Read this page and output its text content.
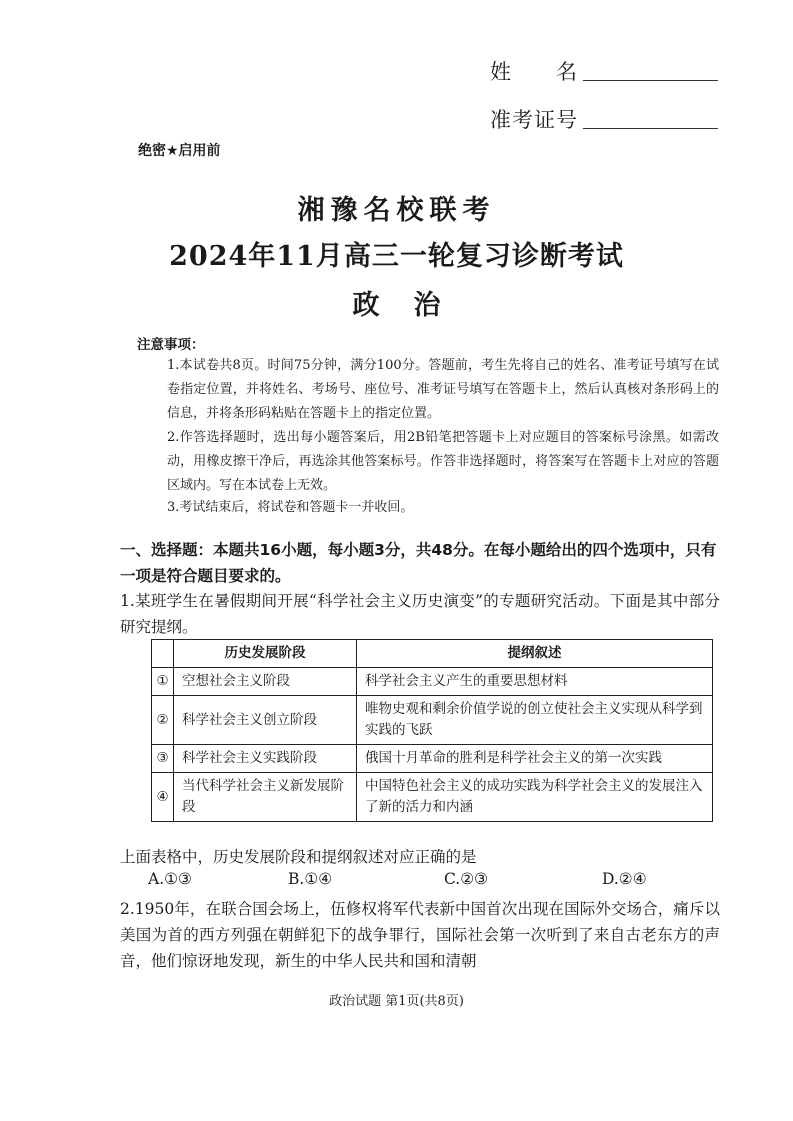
姓　　名
准考证号
绝密★启用前
湘豫名校联考
2024年11月高三一轮复习诊断考试
政治
注意事项：
1.本试卷共8页。时间75分钟，满分100分。答题前，考生先将自己的姓名、准考证号填写在试卷指定位置，并将姓名、考场号、座位号、准考证号填写在答题卡上，然后认真核对条形码上的信息，并将条形码粘贴在答题卡上的指定位置。
2.作答选择题时，选出每小题答案后，用2B铅笔把答题卡上对应题目的答案标号涂黑。如需改动，用橡皮擦干净后，再选涂其他答案标号。作答非选择题时，将答案写在答题卡上对应的答题区域内。写在本试卷上无效。
3.考试结束后，将试卷和答题卡一并收回。
一、选择题：本题共16小题，每小题3分，共48分。在每小题给出的四个选项中，只有一项是符合题目要求的。
1.某班学生在暑假期间开展“科学社会主义历史演变”的专题研究活动。下面是其中部分研究提纲。
	历史发展阶段	提纲叙述
①	空想社会主义阶段	科学社会主义产生的重要思想材料
②	科学社会主义创立阶段	唯物史观和剩余价值学说的创立使社会主义实现从科学到实践的飞跃
③	科学社会主义实践阶段	俄国十月革命的胜利是科学社会主义的第一次实践
④	当代科学社会主义新发展阶段	中国特色社会主义的成功实践为科学社会主义的发展注入了新的活力和内涵
上面表格中，历史发展阶段和提纲叙述对应正确的是
A.①③	B.①④	C.②③	D.②④
2.1950年，在联合国会场上，伍修权将军代表新中国首次出现在国际外交场合，痛斥以美国为首的西方列强在朝鲜犯下的战争罪行，国际社会第一次听到了来自古老东方的声音，他们惊讶地发现，新生的中华人民共和国和清朝
政治试题 第1页(共8页)
